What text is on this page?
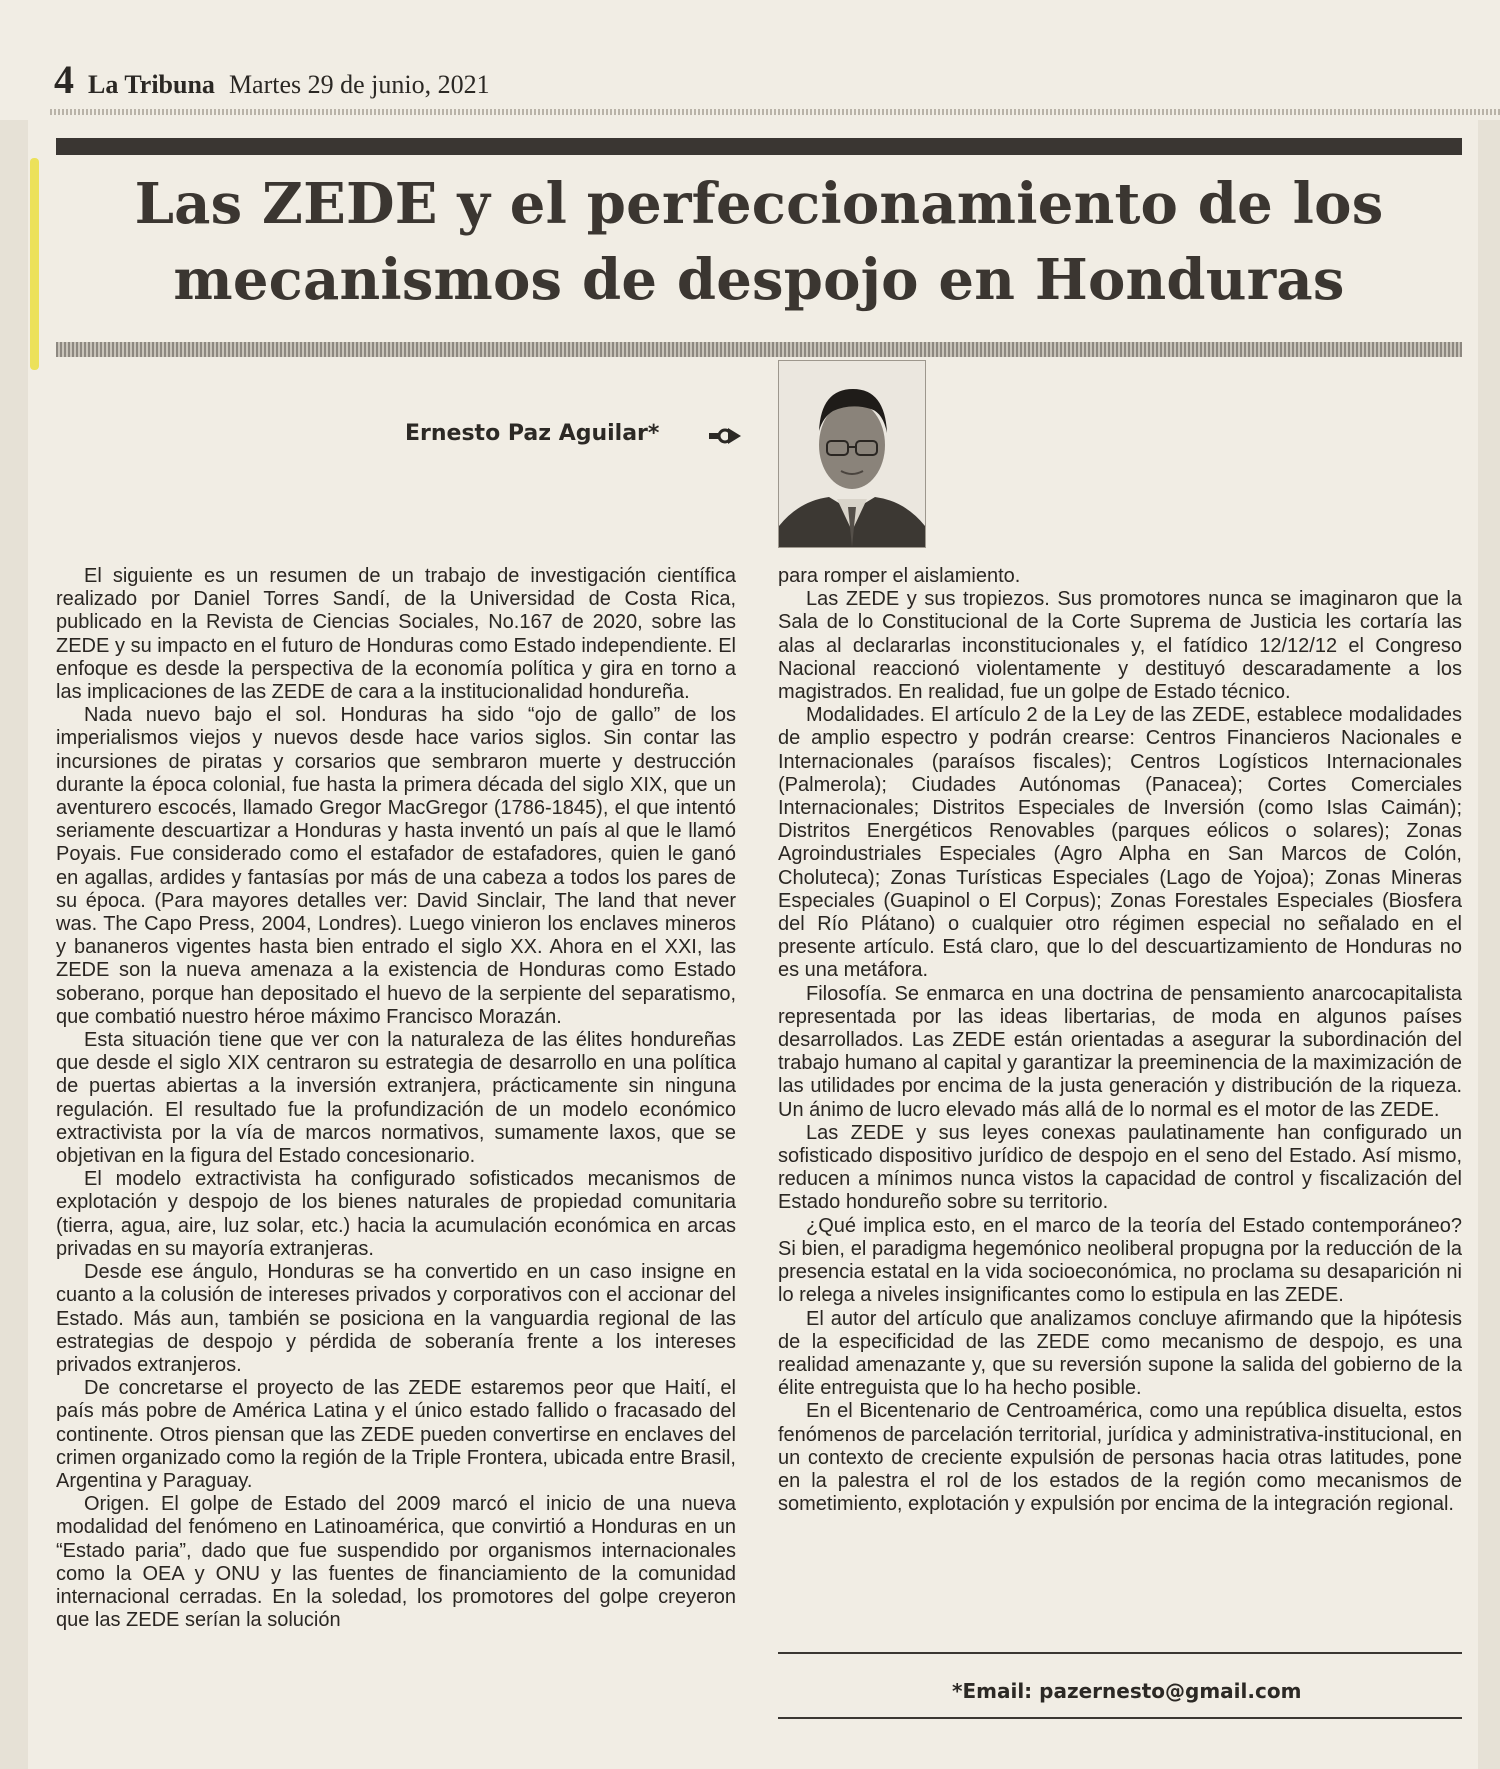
4 La Tribuna Martes 29 de junio, 2021
Las ZEDE y el perfeccionamiento de los
mecanismos de despojo en Honduras
Ernesto Paz Aguilar*

El siguiente es un resumen de un trabajo de investigación científica realizado por Daniel Torres Sandí, de la Universidad de Costa Rica, publicado en la Revista de Ciencias Sociales, No.167 de 2020, sobre las ZEDE y su impacto en el futuro de Honduras como Estado independiente. El enfoque es desde la perspectiva de la economía política y gira en torno a las implicaciones de las ZEDE de cara a la institucionalidad hondureña.

Nada nuevo bajo el sol. Honduras ha sido “ojo de gallo” de los imperialismos viejos y nuevos desde hace varios siglos. Sin contar las incursiones de piratas y corsarios que sembraron muerte y destrucción durante la época colonial, fue hasta la primera década del siglo XIX, que un aventurero escocés, llamado Gregor MacGregor (1786-1845), el que intentó seriamente descuartizar a Honduras y hasta inventó un país al que le llamó Poyais. Fue considerado como el estafador de estafadores, quien le ganó en agallas, ardides y fantasías por más de una cabeza a todos los pares de su época. (Para mayores detalles ver: David Sinclair, The land that never was. The Capo Press, 2004, Londres). Luego vinieron los enclaves mineros y bananeros vigentes hasta bien entrado el siglo XX. Ahora en el XXI, las ZEDE son la nueva amenaza a la existencia de Honduras como Estado soberano, porque han depositado el huevo de la serpiente del separatismo, que combatió nuestro héroe máximo Francisco Morazán.

Esta situación tiene que ver con la naturaleza de las élites hondureñas que desde el siglo XIX centraron su estrategia de desarrollo en una política de puertas abiertas a la inversión extranjera, prácticamente sin ninguna regulación. El resultado fue la profundización de un modelo económico extractivista por la vía de marcos normativos, sumamente laxos, que se objetivan en la figura del Estado concesionario.

El modelo extractivista ha configurado sofisticados mecanismos de explotación y despojo de los bienes naturales de propiedad comunitaria (tierra, agua, aire, luz solar, etc.) hacia la acumulación económica en arcas privadas en su mayoría extranjeras.

Desde ese ángulo, Honduras se ha convertido en un caso insigne en cuanto a la colusión de intereses privados y corporativos con el accionar del Estado. Más aun, también se posiciona en la vanguardia regional de las estrategias de despojo y pérdida de soberanía frente a los intereses privados extranjeros.

De concretarse el proyecto de las ZEDE estaremos peor que Haití, el país más pobre de América Latina y el único estado fallido o fracasado del continente. Otros piensan que las ZEDE pueden convertirse en enclaves del crimen organizado como la región de la Triple Frontera, ubicada entre Brasil, Argentina y Paraguay.

Origen. El golpe de Estado del 2009 marcó el inicio de una nueva modalidad del fenómeno en Latinoamérica, que convirtió a Honduras en un “Estado paria”, dado que fue suspendido por organismos internacionales como la OEA y ONU y las fuentes de financiamiento de la comunidad internacional cerradas. En la soledad, los promotores del golpe creyeron que las ZEDE serían la solución

para romper el aislamiento.

Las ZEDE y sus tropiezos. Sus promotores nunca se imaginaron que la Sala de lo Constitucional de la Corte Suprema de Justicia les cortaría las alas al declararlas inconstitucionales y, el fatídico 12/12/12 el Congreso Nacional reaccionó violentamente y destituyó descaradamente a los magistrados. En realidad, fue un golpe de Estado técnico.

Modalidades. El artículo 2 de la Ley de las ZEDE, establece modalidades de amplio espectro y podrán crearse: Centros Financieros Nacionales e Internacionales (paraísos fiscales); Centros Logísticos Internacionales (Palmerola); Ciudades Autónomas (Panacea); Cortes Comerciales Internacionales; Distritos Especiales de Inversión (como Islas Caimán); Distritos Energéticos Renovables (parques eólicos o solares); Zonas Agroindustriales Especiales (Agro Alpha en San Marcos de Colón, Choluteca); Zonas Turísticas Especiales (Lago de Yojoa); Zonas Mineras Especiales (Guapinol o El Corpus); Zonas Forestales Especiales (Biosfera del Río Plátano) o cualquier otro régimen especial no señalado en el presente artículo. Está claro, que lo del descuartizamiento de Honduras no es una metáfora.

Filosofía. Se enmarca en una doctrina de pensamiento anarcocapitalista representada por las ideas libertarias, de moda en algunos países desarrollados. Las ZEDE están orientadas a asegurar la subordinación del trabajo humano al capital y garantizar la preeminencia de la maximización de las utilidades por encima de la justa generación y distribución de la riqueza. Un ánimo de lucro elevado más allá de lo normal es el motor de las ZEDE.

Las ZEDE y sus leyes conexas paulatinamente han configurado un sofisticado dispositivo jurídico de despojo en el seno del Estado. Así mismo, reducen a mínimos nunca vistos la capacidad de control y fiscalización del Estado hondureño sobre su territorio.

¿Qué implica esto, en el marco de la teoría del Estado contemporáneo? Si bien, el paradigma hegemónico neoliberal propugna por la reducción de la presencia estatal en la vida socioeconómica, no proclama su desaparición ni lo relega a niveles insignificantes como lo estipula en las ZEDE.

El autor del artículo que analizamos concluye afirmando que la hipótesis de la especificidad de las ZEDE como mecanismo de despojo, es una realidad amenazante y, que su reversión supone la salida del gobierno de la élite entreguista que lo ha hecho posible.

En el Bicentenario de Centroamérica, como una república disuelta, estos fenómenos de parcelación territorial, jurídica y administrativa-institucional, en un contexto de creciente expulsión de personas hacia otras latitudes, pone en la palestra el rol de los estados de la región como mecanismos de sometimiento, explotación y expulsión por encima de la integración regional.

*Email: pazernesto@gmail.com
